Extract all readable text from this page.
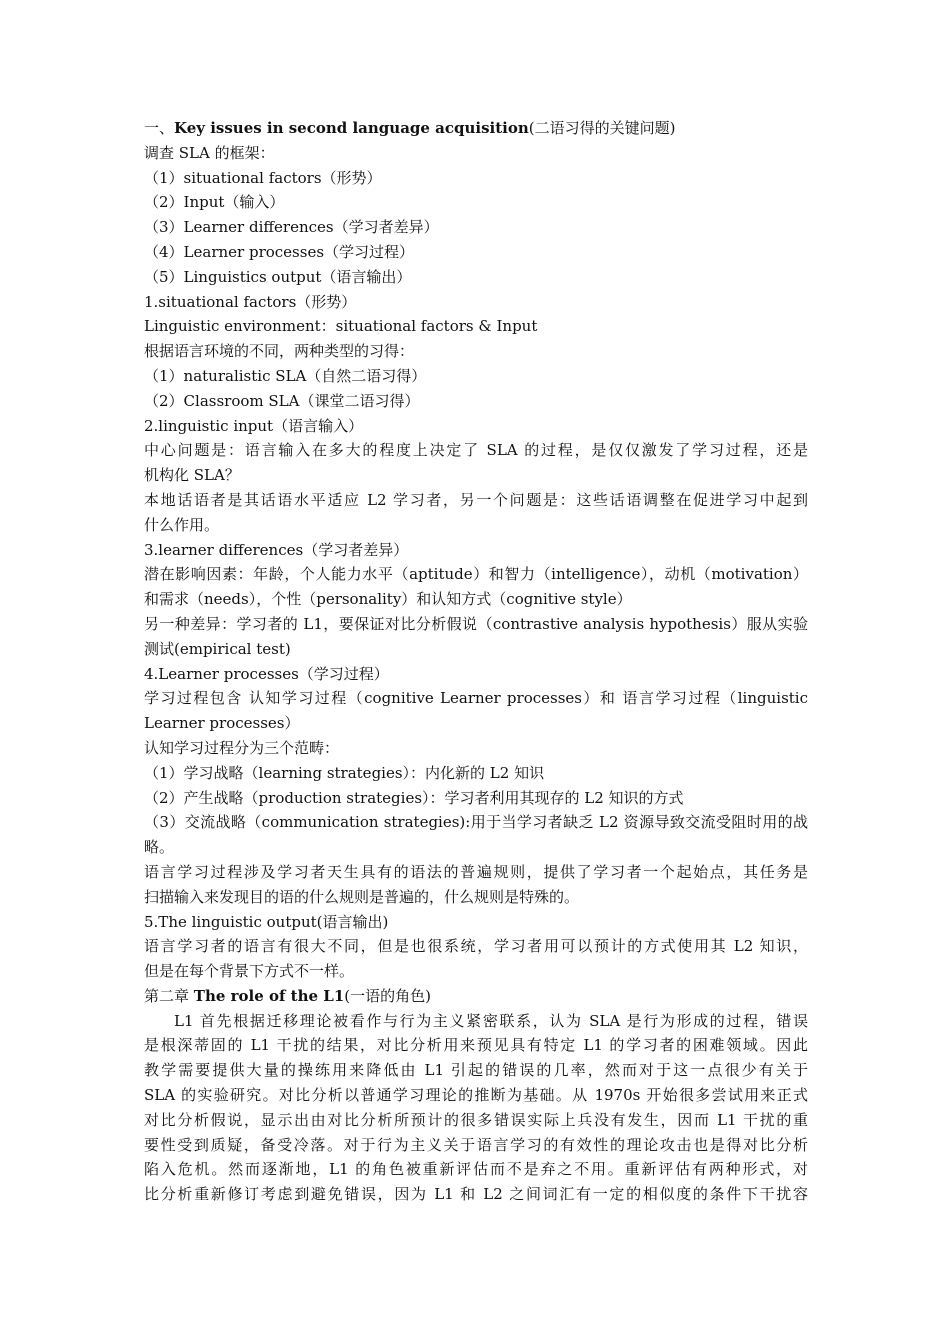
一、Key issues in second language acquisition(二语习得的关键问题)
调查 SLA 的框架：
（1）situational factors（形势）
（2）Input（输入）
（3）Learner differences（学习者差异）
（4）Learner processes（学习过程）
（5）Linguistics output（语言输出）
1.situational factors（形势）
Linguistic environment：situational factors & Input
根据语言环境的不同，两种类型的习得：
（1）naturalistic SLA（自然二语习得）
（2）Classroom SLA（课堂二语习得）
2.linguistic input（语言输入）
中心问题是：语言输入在多大的程度上决定了 SLA 的过程，是仅仅激发了学习过程，还是
机构化 SLA？
本地话语者是其话语水平适应 L2 学习者，另一个问题是：这些话语调整在促进学习中起到
什么作用。
3.learner differences（学习者差异）
潜在影响因素：年龄，个人能力水平（aptitude）和智力（intelligence），动机（motivation）
和需求（needs），个性（personality）和认知方式（cognitive style）
另一种差异：学习者的 L1，要保证对比分析假说（contrastive analysis hypothesis）服从实验
测试(empirical test)
4.Learner processes（学习过程）
学习过程包含 认知学习过程（cognitive Learner processes）和 语言学习过程（linguistic
Learner processes）
认知学习过程分为三个范畴：
（1）学习战略（learning strategies）：内化新的 L2 知识
（2）产生战略（production strategies）：学习者利用其现存的 L2 知识的方式
（3）交流战略（communication strategies):用于当学习者缺乏 L2 资源导致交流受阻时用的战
略。
语言学习过程涉及学习者天生具有的语法的普遍规则，提供了学习者一个起始点，其任务是
扫描输入来发现目的语的什么规则是普遍的，什么规则是特殊的。
5.The linguistic output(语言输出)
语言学习者的语言有很大不同，但是也很系统，学习者用可以预计的方式使用其 L2 知识，
但是在每个背景下方式不一样。
第二章 The role of the L1(一语的角色)
L1 首先根据迁移理论被看作与行为主义紧密联系，认为 SLA 是行为形成的过程，错误
是根深蒂固的 L1 干扰的结果，对比分析用来预见具有特定 L1 的学习者的困难领域。因此
教学需要提供大量的操练用来降低由 L1 引起的错误的几率，然而对于这一点很少有关于
SLA 的实验研究。对比分析以普通学习理论的推断为基础。从 1970s 开始很多尝试用来正式
对比分析假说，显示出由对比分析所预计的很多错误实际上兵没有发生，因而 L1 干扰的重
要性受到质疑，备受冷落。对于行为主义关于语言学习的有效性的理论攻击也是得对比分析
陷入危机。然而逐渐地，L1 的角色被重新评估而不是弃之不用。重新评估有两种形式，对
比分析重新修订考虑到避免错误，因为 L1 和 L2 之间词汇有一定的相似度的条件下干扰容
